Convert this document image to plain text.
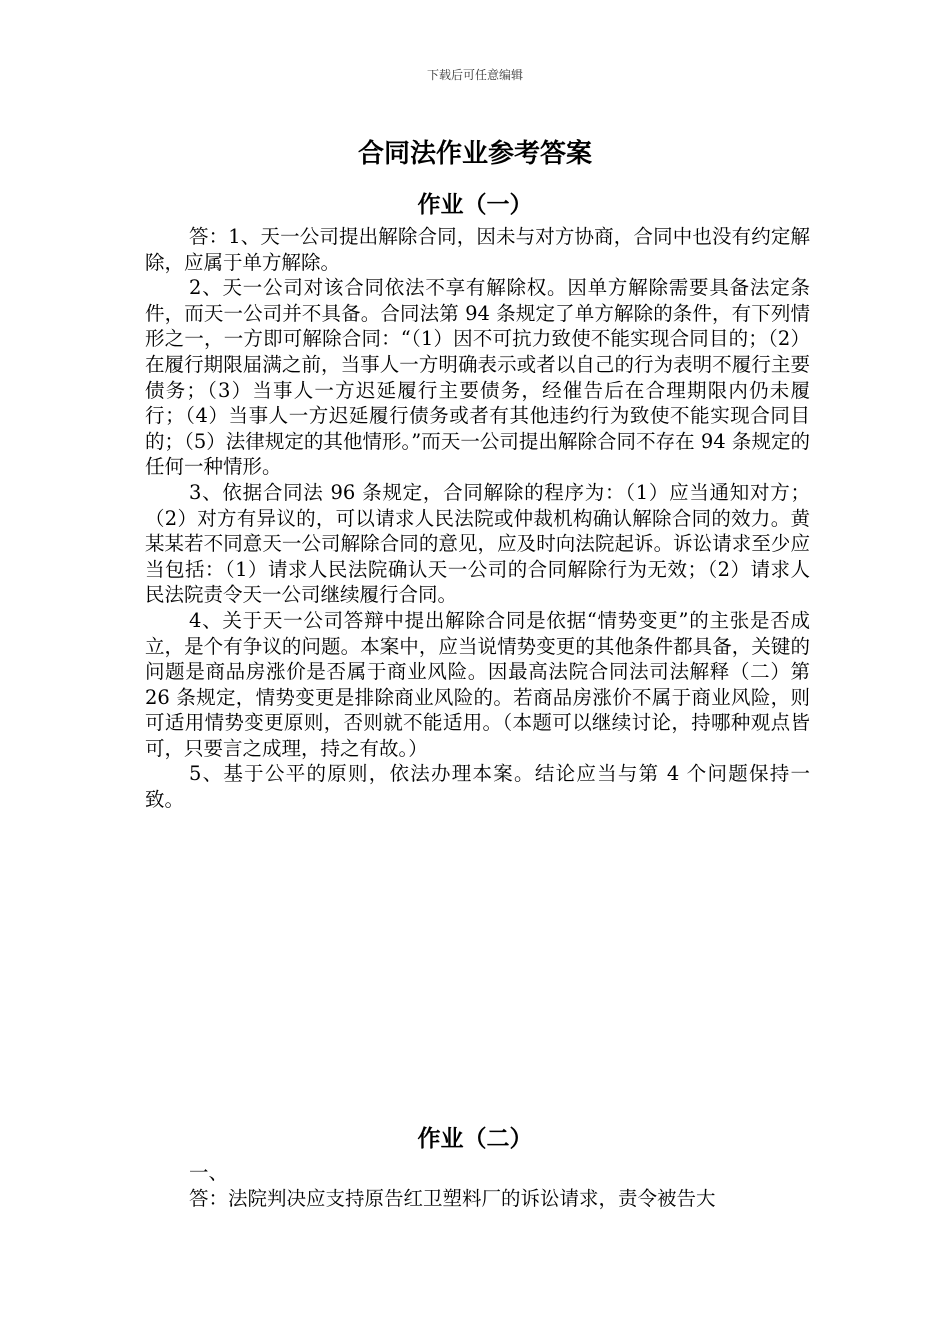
下载后可任意编辑
合同法作业参考答案
作业（一）

答：1、天一公司提出解除合同，因未与对方协商，合同中也没有约定解除，应属于单方解除。

2、天一公司对该合同依法不享有解除权。因单方解除需要具备法定条件，而天一公司并不具备。合同法第 94 条规定了单方解除的条件，有下列情形之一，一方即可解除合同：“（1）因不可抗力致使不能实现合同目的；（2）在履行期限届满之前，当事人一方明确表示或者以自己的行为表明不履行主要债务；（3）当事人一方迟延履行主要债务，经催告后在合理期限内仍未履行；（4）当事人一方迟延履行债务或者有其他违约行为致使不能实现合同目的；（5）法律规定的其他情形。”而天一公司提出解除合同不存在 94 条规定的任何一种情形。

3、依据合同法 96 条规定，合同解除的程序为：（1）应当通知对方；（2）对方有异议的，可以请求人民法院或仲裁机构确认解除合同的效力。黄某某若不同意天一公司解除合同的意见，应及时向法院起诉。诉讼请求至少应当包括：（1）请求人民法院确认天一公司的合同解除行为无效；（2）请求人民法院责令天一公司继续履行合同。

4、关于天一公司答辩中提出解除合同是依据“情势变更”的主张是否成立，是个有争议的问题。本案中，应当说情势变更的其他条件都具备，关键的问题是商品房涨价是否属于商业风险。因最高法院合同法司法解释（二）第 26 条规定，情势变更是排除商业风险的。若商品房涨价不属于商业风险，则可适用情势变更原则，否则就不能适用。（本题可以继续讨论，持哪种观点皆可，只要言之成理，持之有故。）

5、基于公平的原则，依法办理本案。结论应当与第 4 个问题保持一致。

作业（二）

一、

答：法院判决应支持原告红卫塑料厂的诉讼请求，责令被告大
